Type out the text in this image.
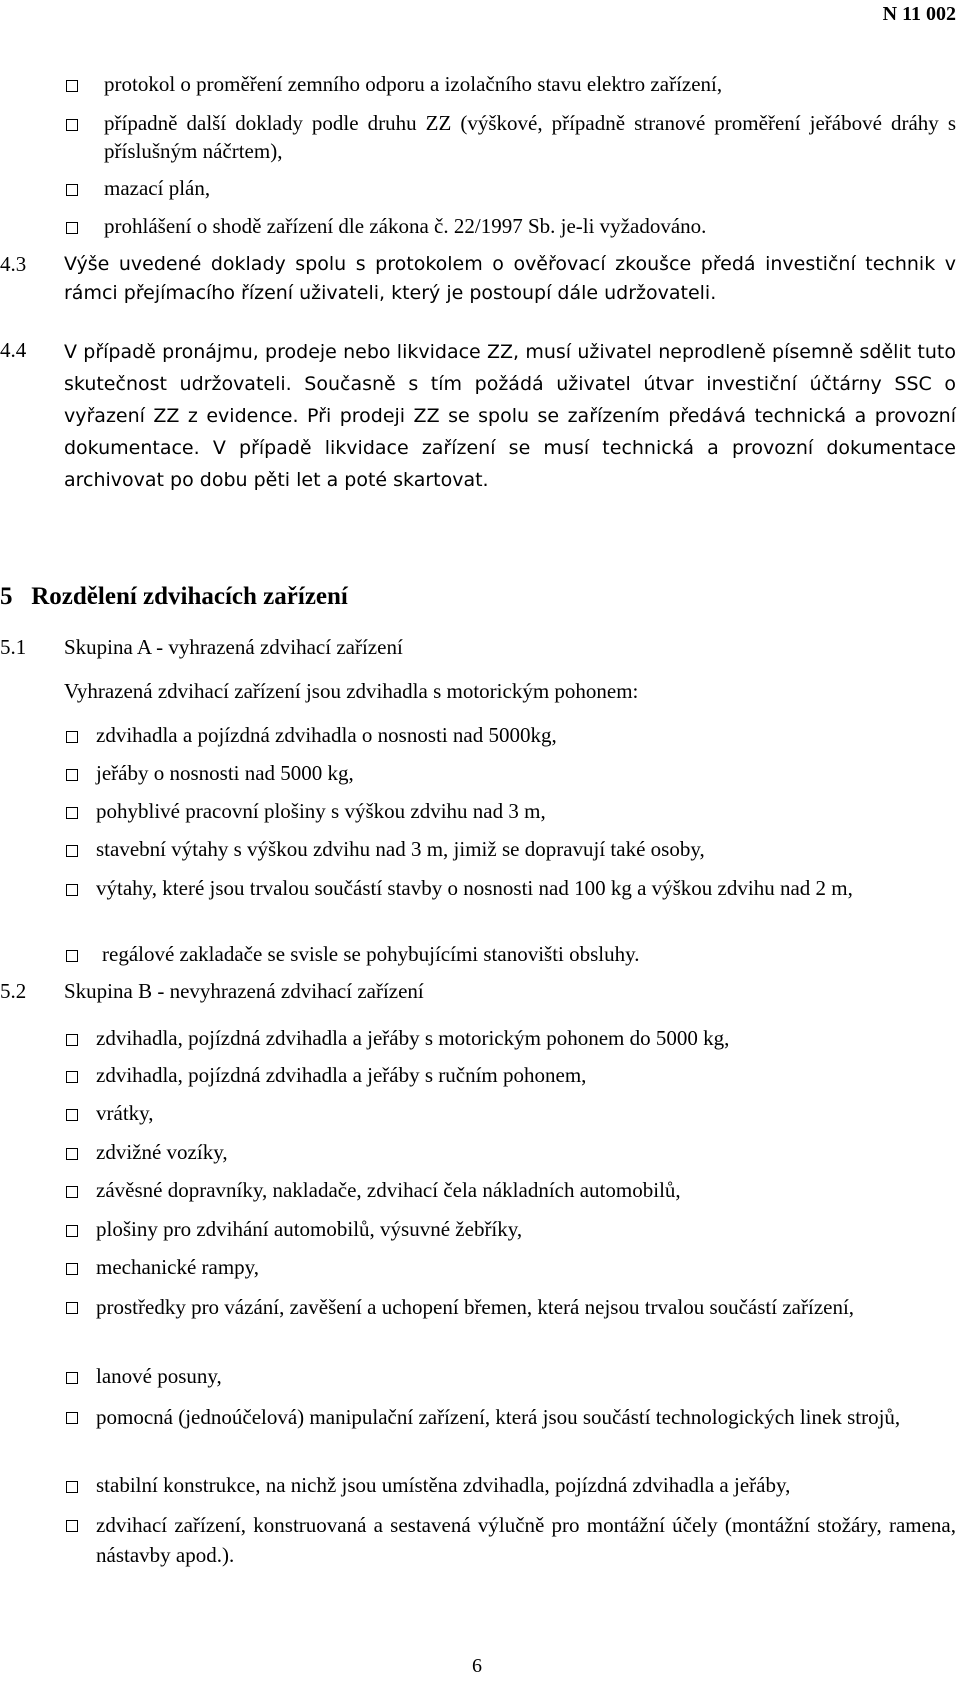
N 11 002
protokol o proměření zemního odporu a izolačního stavu elektro zařízení,
případně další doklady podle druhu ZZ (výškové, případně stranové proměření jeřábové dráhy s příslušným náčrtem),
mazací plán,
prohlášení o shodě zařízení dle zákona č. 22/1997 Sb. je-li vyžadováno.
4.3 Výše uvedené doklady spolu s protokolem o ověřovací zkoušce předá investiční technik v rámci přejímacího řízení uživateli, který je postoupí dále udržovateli.
4.4 V případě pronájmu, prodeje nebo likvidace ZZ, musí uživatel neprodleně písemně sdělit tuto skutečnost udržovateli. Současně s tím požádá uživatel útvar investiční účtárny SSC o vyřazení ZZ z evidence. Při prodeji ZZ se spolu se zařízením předává technická a provozní dokumentace. V případě likvidace zařízení se musí technická a provozní dokumentace archivovat po dobu pěti let a poté skartovat.
5   Rozdělení zdvihacích zařízení
5.1 Skupina A - vyhrazená zdvihací zařízení
Vyhrazená zdvihací zařízení jsou zdvihadla s motorickým pohonem:
zdvihadla a pojízdná zdvihadla o nosnosti nad 5000kg,
jeřáby o nosnosti nad 5000 kg,
pohyblivé pracovní plošiny s výškou zdvihu nad 3 m,
stavební výtahy s výškou zdvihu nad 3 m, jimiž se dopravují také osoby,
výtahy, které jsou trvalou součástí stavby o nosnosti nad 100 kg a výškou zdvihu nad 2 m,
regálové zakladače se svisle se pohybujícími stanovišti obsluhy.
5.2 Skupina B - nevyhrazená zdvihací zařízení
zdvihadla, pojízdná zdvihadla a jeřáby s motorickým pohonem do 5000 kg,
zdvihadla, pojízdná zdvihadla a jeřáby s ručním pohonem,
vrátky,
zdvižné vozíky,
závěsné dopravníky, nakladače, zdvihací čela nákladních automobilů,
plošiny pro zdvihání automobilů, výsuvné žebříky,
mechanické rampy,
prostředky pro vázání, zavěšení a uchopení břemen, která nejsou trvalou součástí zařízení,
lanové posuny,
pomocná (jednoúčelová) manipulační zařízení, která jsou součástí technologických linek strojů,
stabilní konstrukce, na nichž jsou umístěna zdvihadla, pojízdná zdvihadla a jeřáby,
zdvihací zařízení, konstruovaná a sestavená výlučně pro montážní účely (montážní stožáry, ramena, nástavby apod.).
6
